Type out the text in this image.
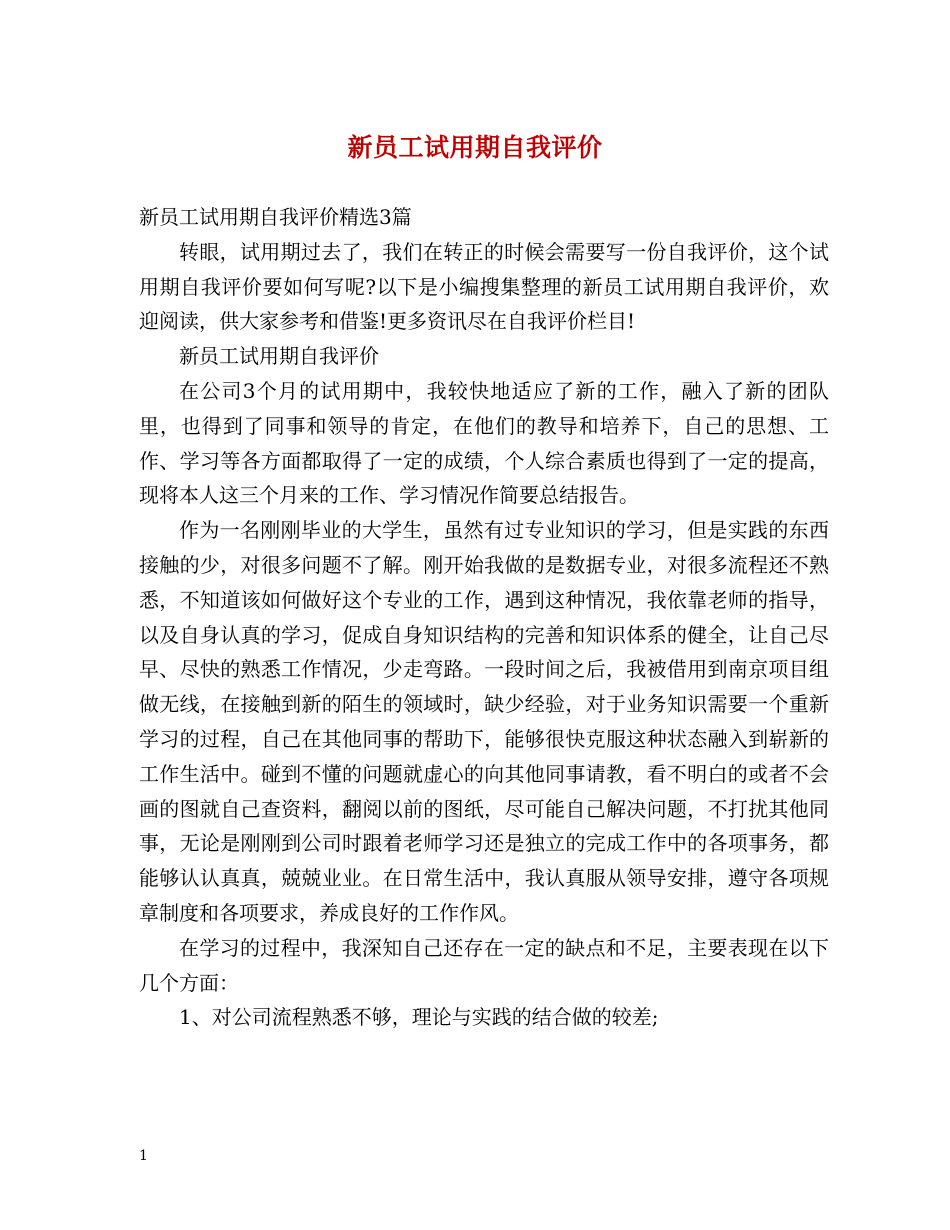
新员工试用期自我评价

新员工试用期自我评价精选3篇

转眼，试用期过去了，我们在转正的时候会需要写一份自我评价，这个试用期自我评价要如何写呢?以下是小编搜集整理的新员工试用期自我评价，欢迎阅读，供大家参考和借鉴!更多资讯尽在自我评价栏目!

新员工试用期自我评价

在公司3个月的试用期中，我较快地适应了新的工作，融入了新的团队里，也得到了同事和领导的肯定，在他们的教导和培养下，自己的思想、工作、学习等各方面都取得了一定的成绩，个人综合素质也得到了一定的提高，现将本人这三个月来的工作、学习情况作简要总结报告。

作为一名刚刚毕业的大学生，虽然有过专业知识的学习，但是实践的东西接触的少，对很多问题不了解。刚开始我做的是数据专业，对很多流程还不熟悉，不知道该如何做好这个专业的工作，遇到这种情况，我依靠老师的指导，以及自身认真的学习，促成自身知识结构的完善和知识体系的健全，让自己尽早、尽快的熟悉工作情况，少走弯路。一段时间之后，我被借用到南京项目组做无线，在接触到新的陌生的领域时，缺少经验，对于业务知识需要一个重新学习的过程，自己在其他同事的帮助下，能够很快克服这种状态融入到崭新的工作生活中。碰到不懂的问题就虚心的向其他同事请教，看不明白的或者不会画的图就自己查资料，翻阅以前的图纸，尽可能自己解决问题，不打扰其他同事，无论是刚刚到公司时跟着老师学习还是独立的完成工作中的各项事务，都能够认认真真，兢兢业业。在日常生活中，我认真服从领导安排，遵守各项规章制度和各项要求，养成良好的工作作风。

在学习的过程中，我深知自己还存在一定的缺点和不足，主要表现在以下几个方面：

1、对公司流程熟悉不够，理论与实践的结合做的较差;

1
